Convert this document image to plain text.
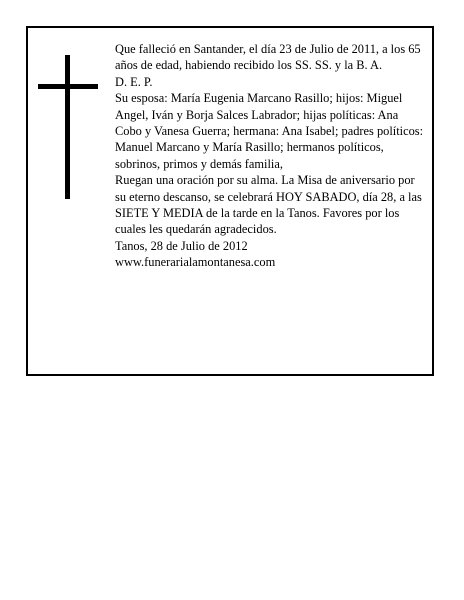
Que falleció en Santander, el día 23 de Julio de 2011, a los 65 años de edad, habiendo recibido los SS. SS. y la B. A.

D. E. P.

Su esposa: María Eugenia Marcano Rasillo; hijos: Miguel Angel, Iván y Borja Salces Labrador; hijas políticas: Ana Cobo y Vanesa Guerra; hermana: Ana Isabel; padres políticos: Manuel Marcano y María Rasillo; hermanos políticos, sobrinos, primos y demás familia,

Ruegan una oración por su alma. La Misa de aniversario por su eterno descanso, se celebrará HOY SABADO, día 28, a las SIETE Y MEDIA de la tarde en la Tanos. Favores por los cuales les quedarán agradecidos.

Tanos, 28 de Julio de 2012

www.funerarialamontanesa.com
